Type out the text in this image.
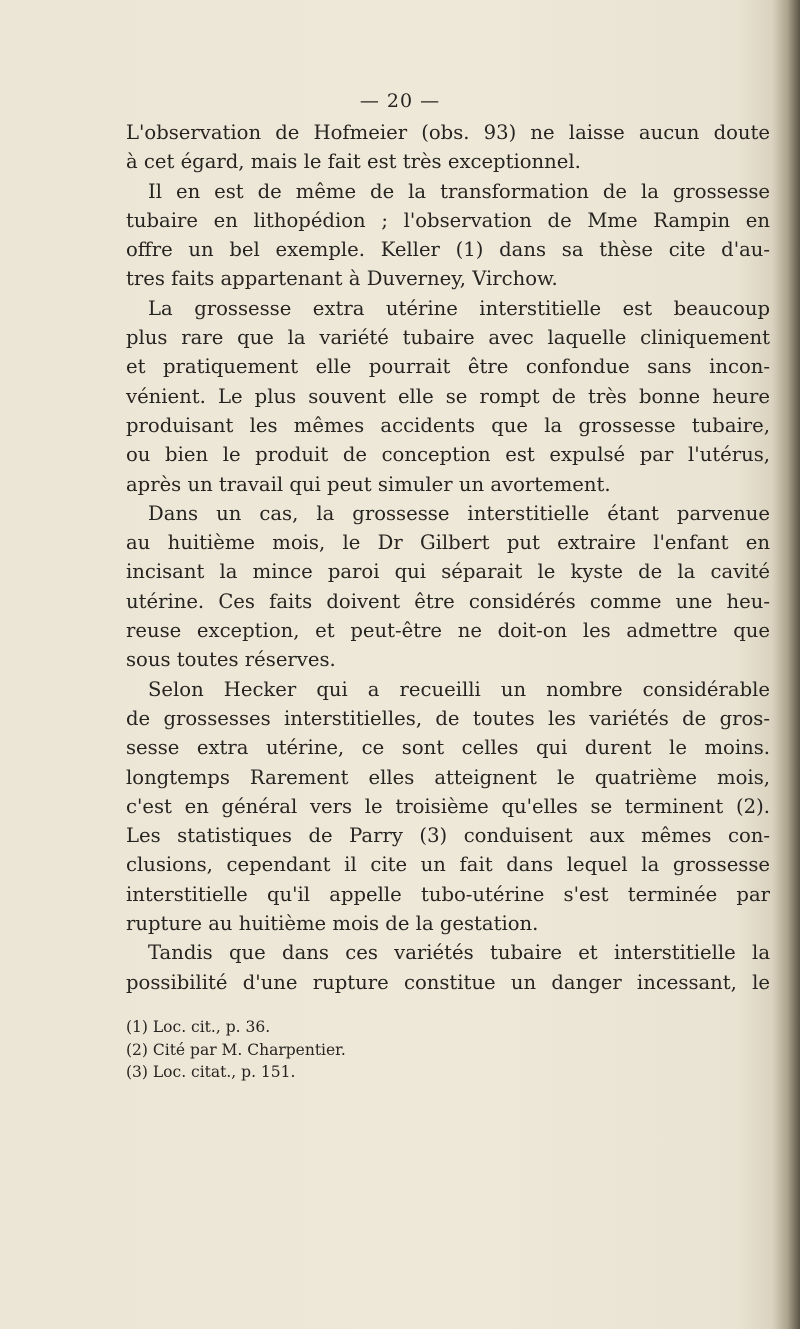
— 20 —
L'observation de Hofmeier (obs. 93) ne laisse aucun doute
à cet égard, mais le fait est très exceptionnel.
Il en est de même de la transformation de la grossesse
tubaire en lithopédion ; l'observation de Mme Rampin en
offre un bel exemple. Keller (1) dans sa thèse cite d'au-
tres faits appartenant à Duverney, Virchow.
La grossesse extra utérine interstitielle est beaucoup
plus rare que la variété tubaire avec laquelle cliniquement
et pratiquement elle pourrait être confondue sans incon-
vénient. Le plus souvent elle se rompt de très bonne heure
produisant les mêmes accidents que la grossesse tubaire,
ou bien le produit de conception est expulsé par l'utérus,
après un travail qui peut simuler un avortement.
Dans un cas, la grossesse interstitielle étant parvenue
au huitième mois, le Dr Gilbert put extraire l'enfant en
incisant la mince paroi qui séparait le kyste de la cavité
utérine. Ces faits doivent être considérés comme une heu-
reuse exception, et peut-être ne doit-on les admettre que
sous toutes réserves.
Selon Hecker qui a recueilli un nombre considérable
de grossesses interstitielles, de toutes les variétés de gros-
sesse extra utérine, ce sont celles qui durent le moins.
longtemps Rarement elles atteignent le quatrième mois,
c'est en général vers le troisième qu'elles se terminent (2).
Les statistiques de Parry (3) conduisent aux mêmes con-
clusions, cependant il cite un fait dans lequel la grossesse
interstitielle qu'il appelle tubo-utérine s'est terminée par
rupture au huitième mois de la gestation.
Tandis que dans ces variétés tubaire et interstitielle la
possibilité d'une rupture constitue un danger incessant, le
(1) Loc. cit., p. 36.
(2) Cité par M. Charpentier.
(3) Loc. citat., p. 151.
